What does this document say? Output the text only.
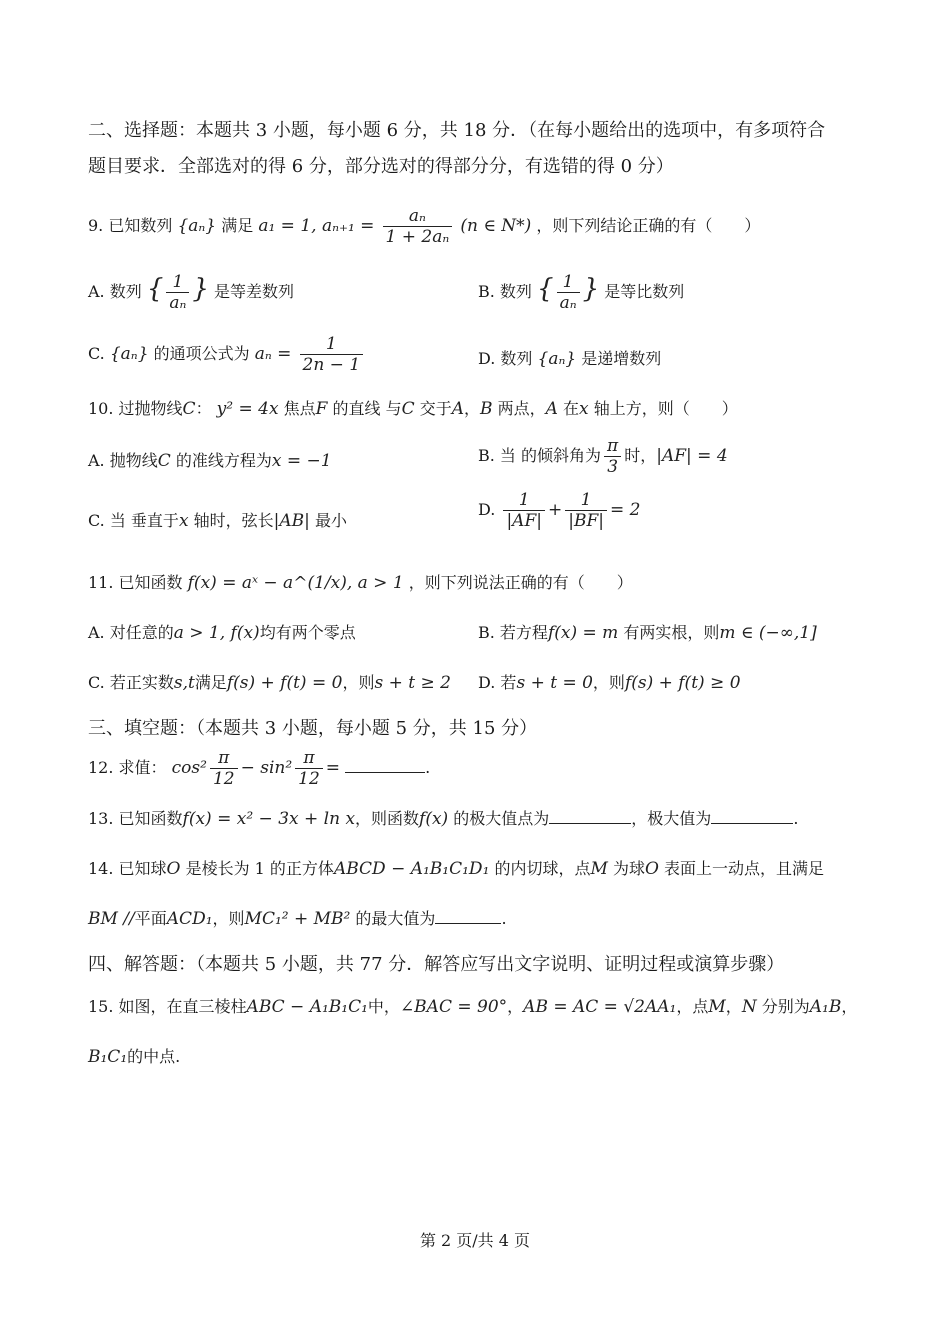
二、选择题：本题共 3 小题，每小题 6 分，共 18 分．（在每小题给出的选项中，有多项符合
题目要求．全部选对的得 6 分，部分选对的得部分分，有选错的得 0 分）
9. 已知数列 {aₙ} 满足 a₁ = 1, $a_{n+1} = \frac{\text{aₙ}}{\text{1 + 2aₙ}} (n$ ∈ N*) ，则下列结论正确的有（　　）
A. 数列 { $\frac{1}{\text{aₙ}}$ } 是等差数列	B. 数列 { $\frac{1}{\text{aₙ}}$ } 是等比数列
C. {aₙ} 的通项公式为 $a_n = \frac{1}{2n - 1}$	D. 数列 {aₙ} 是递增数列
10. 过抛物线C： y² = 4x 焦点F 的直线 与C 交于A，B 两点，A 在x 轴上方，则（　　）
A. 抛物线C 的准线方程为x = −1	B. 当 的倾斜角为 $\frac{\pi}{3}$ 时，|AF| = 4
C. 当 垂直于x 轴时，弦长|AB| 最小
D. $\frac{1}{|AF|} + \frac{1}{|BF|} = 2$
11. 已知函数 f(x) = aˣ − a^(1/x), a > 1 ，则下列说法正确的有（　　）
A. 对任意的a > 1, f(x)均有两个零点	B. 若方程f(x) = m 有两实根，则m ∈ (−∞,1]
C. 若正实数s,t满足f(s) + f(t) = 0，则s + t ≥ 2 D. 若s + t = 0，则f(s) + f(t) ≥ 0
三、填空题：（本题共 3 小题，每小题 5 分，共 15 分）
12. 求值： $\cos^2 \frac{\pi}{12} - \sin^2 \frac{\pi}{12}$ =	.
13. 已知函数f(x) = x² − 3x + ln x，则函数f(x) 的极大值点为	，极大值为	.
14. 已知球O 是棱长为 1 的正方体ABCD − A₁B₁C₁D₁ 的内切球，点M 为球O 表面上一动点，且满足
BM //平面ACD₁，则MC₁² + MB² 的最大值为	.
四、解答题：（本题共 5 小题，共 77 分．解答应写出文字说明、证明过程或演算步骤）
15. 如图，在直三棱柱ABC − A₁B₁C₁中，∠BAC = 90°，AB = AC = √2AA₁，点M，N 分别为A₁B，
B₁C₁的中点.
第 2 页/共 4 页
